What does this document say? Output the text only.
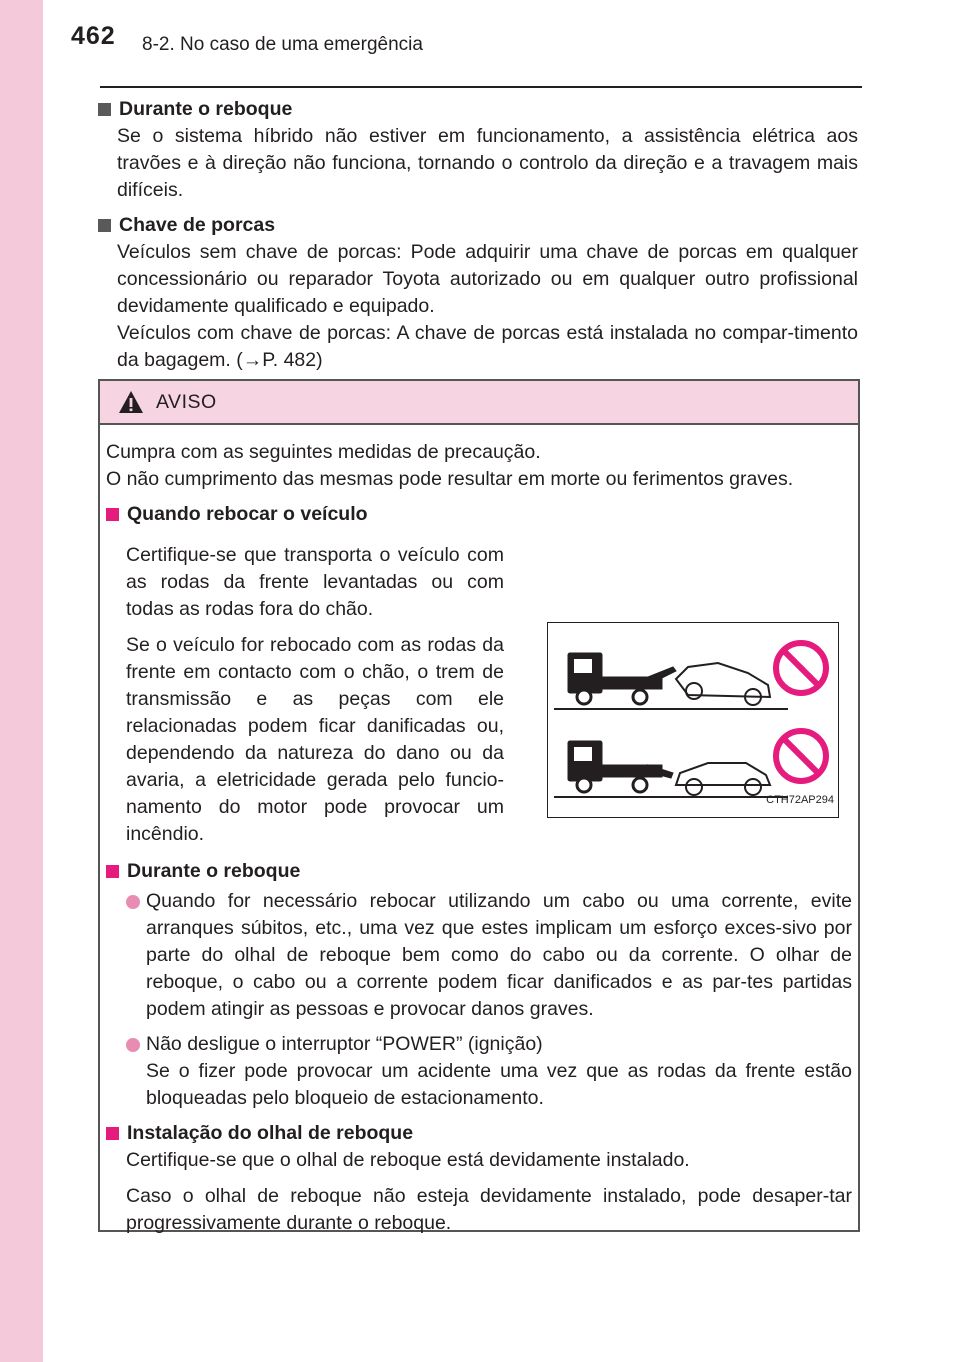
462 8-2. No caso de uma emergência
Durante o reboque

Se o sistema híbrido não estiver em funcionamento, a assistência elétrica aos travões e à direção não funciona, tornando o controlo da direção e a travagem mais difíceis.

Chave de porcas

Veículos sem chave de porcas: Pode adquirir uma chave de porcas em qualquer concessionário ou reparador Toyota autorizado ou em qualquer outro profissional devidamente qualificado e equipado.

Veículos com chave de porcas: A chave de porcas está instalada no compar-timento da bagagem. (→P. 482)

AVISO

Cumpra com as seguintes medidas de precaução.

O não cumprimento das mesmas pode resultar em morte ou ferimentos graves.

Quando rebocar o veículo

Certifique-se que transporta o veículo com as rodas da frente levantadas ou com todas as rodas fora do chão.

Se o veículo for rebocado com as rodas da frente em contacto com o chão, o trem de transmissão e as peças com ele relacionadas podem ficar danificadas ou, dependendo da natureza do dano ou da avaria, a eletricidade gerada pelo funcio-namento do motor pode provocar um incêndio.

Durante o reboque
Quando for necessário rebocar utilizando um cabo ou uma corrente, evite arranques súbitos, etc., uma vez que estes implicam um esforço exces-sivo por parte do olhal de reboque bem como do cabo ou da corrente. O olhar de reboque, o cabo ou a corrente podem ficar danificados e as par-tes partidas podem atingir as pessoas e provocar danos graves.
Não desligue o interruptor “POWER” (ignição)
Se o fizer pode provocar um acidente uma vez que as rodas da frente estão bloqueadas pelo bloqueio de estacionamento.
Instalação do olhal de reboque

Certifique-se que o olhal de reboque está devidamente instalado.

Caso o olhal de reboque não esteja devidamente instalado, pode desaper-tar progressivamente durante o reboque.

CTH72AP294
